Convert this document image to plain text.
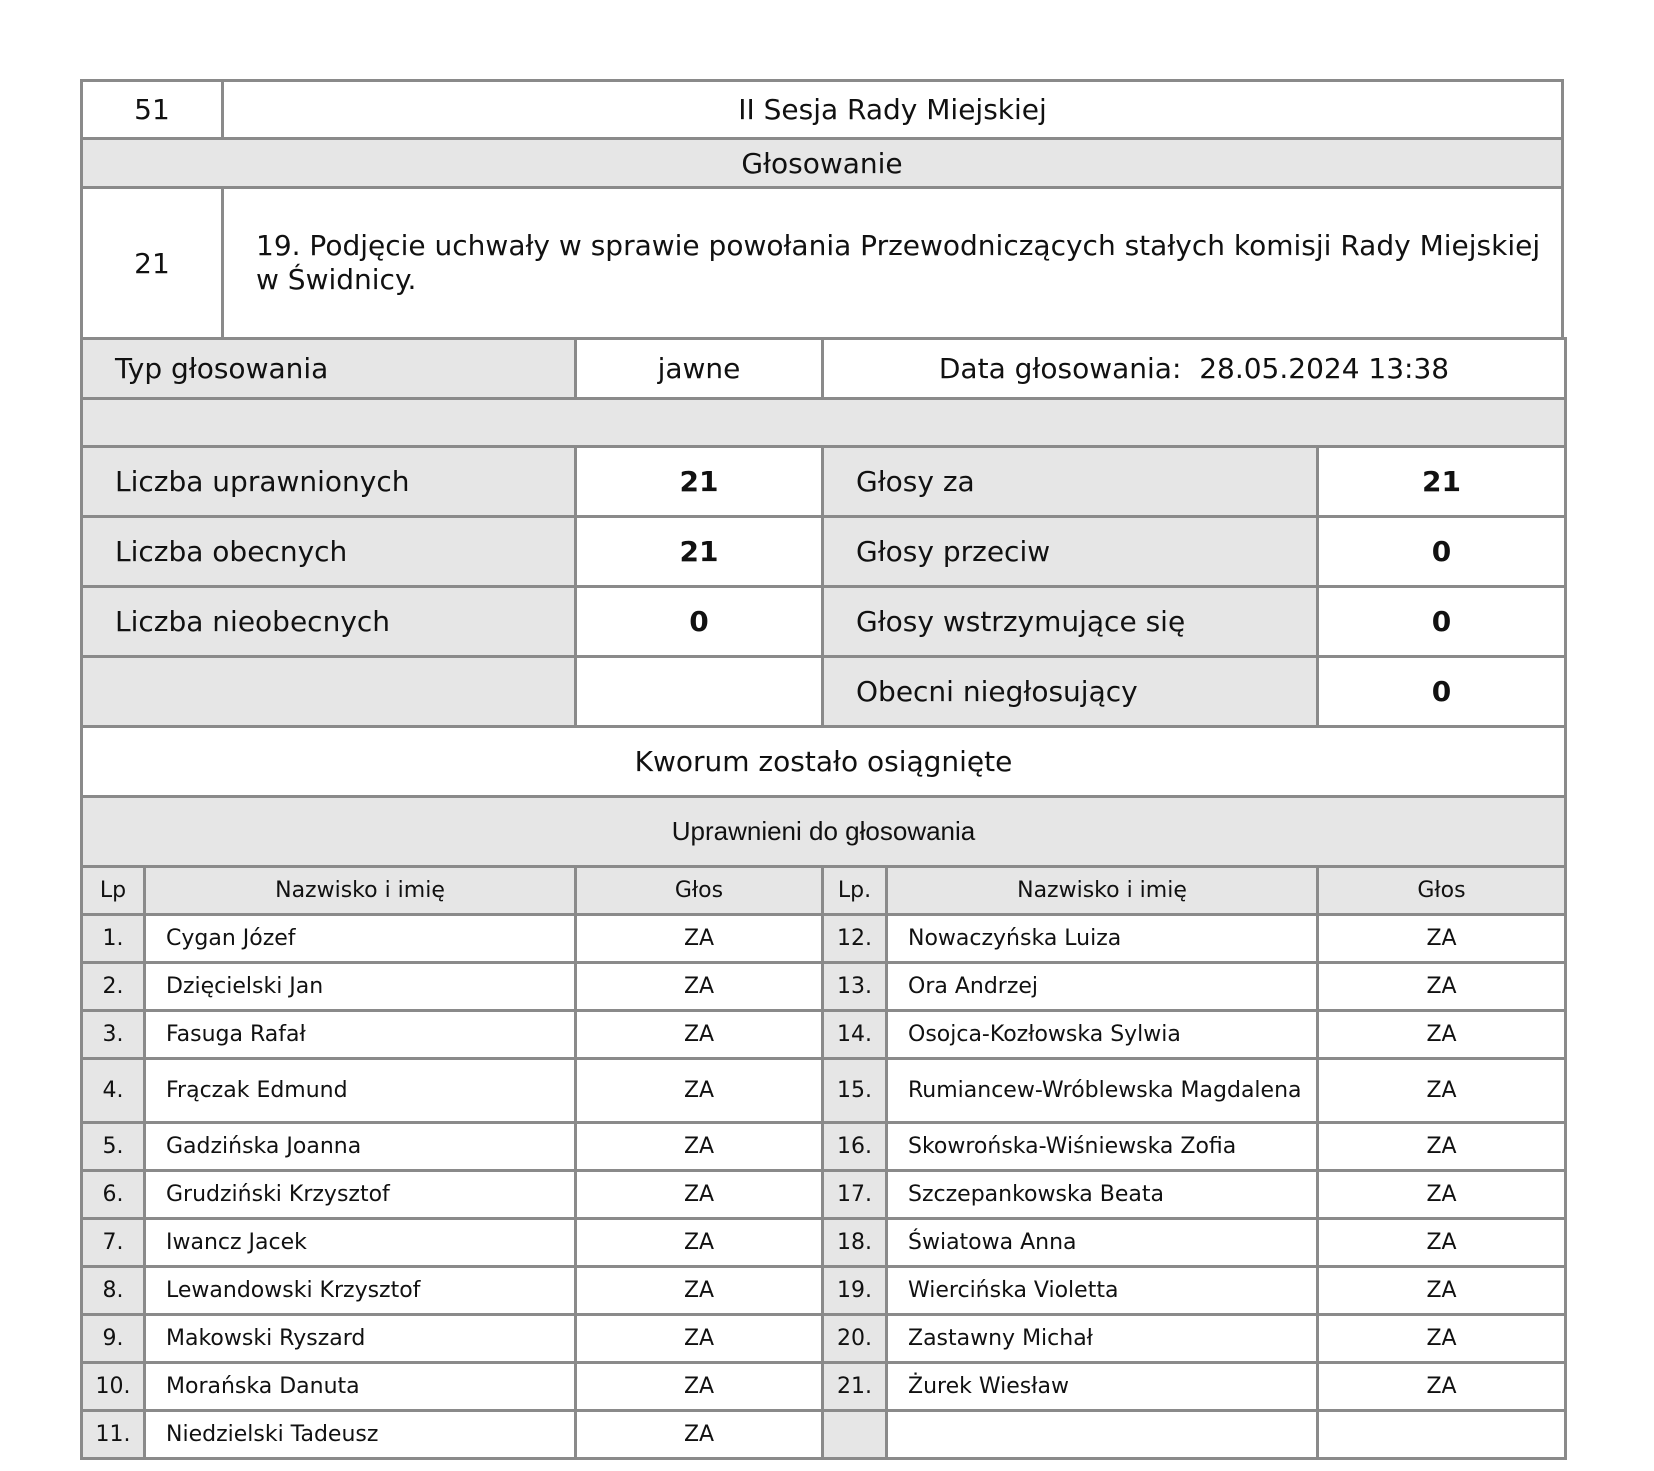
51	II Sesja Rady Miejskiej
Głosowanie	
21	19. Podjęcie uchwały w sprawie powołania Przewodniczących stałych komisji Rady Miejskiej w Świdnicy.
Typ głosowania	jawne	Data głosowania: 28.05.2024 13:38	

Liczba uprawnionych	21	Głosy za	21
Liczba obecnych	21	Głosy przeciw	0
Liczba nieobecnych	0	Głosy wstrzymujące się	0
		Obecni niegłosujący	0
Kworum zostało osiągnięte			
Uprawnieni do głosowania			
Lp	Nazwisko i imię	Głos	Lp.	Nazwisko i imię	Głos
1.	Cygan Józef	ZA	12.	Nowaczyńska Luiza	ZA
2.	Dzięcielski Jan	ZA	13.	Ora Andrzej	ZA
3.	Fasuga Rafał	ZA	14.	Osojca-Kozłowska Sylwia	ZA
4.	Frączak Edmund	ZA	15.	Rumiancew-Wróblewska Magdalena	ZA
5.	Gadzińska Joanna	ZA	16.	Skowrońska-Wiśniewska Zofia	ZA
6.	Grudziński Krzysztof	ZA	17.	Szczepankowska Beata	ZA
7.	Iwancz Jacek	ZA	18.	Światowa Anna	ZA
8.	Lewandowski Krzysztof	ZA	19.	Wiercińska Violetta	ZA
9.	Makowski Ryszard	ZA	20.	Zastawny Michał	ZA
10.	Morańska Danuta	ZA	21.	Żurek Wiesław	ZA
11.	Niedzielski Tadeusz	ZA			
